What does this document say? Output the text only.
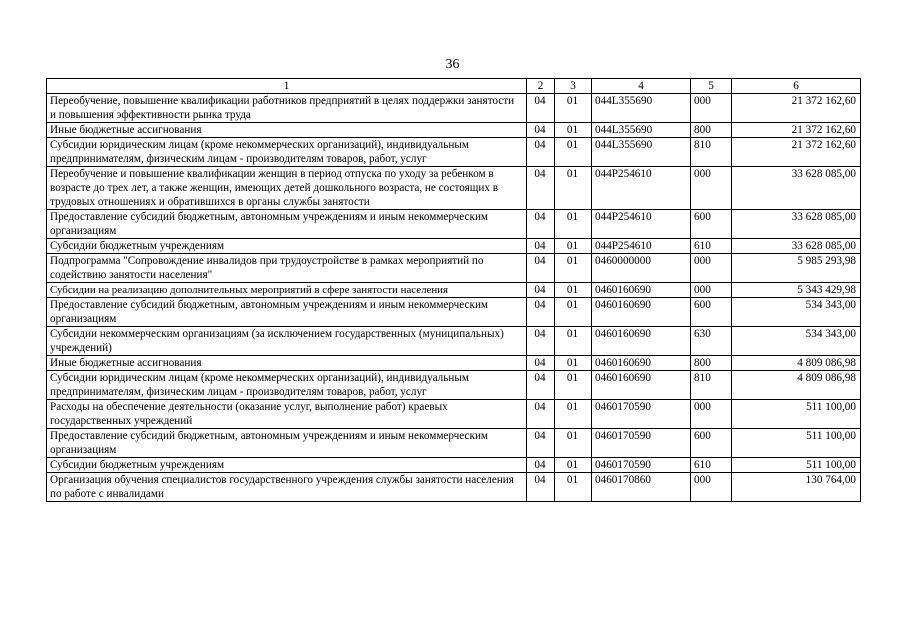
36
1	2	3	4	5	6
Переобучение, повышение квалификации работников предприятий в целях поддержки занятости и повышения эффективности рынка труда	04	01	044L355690	000	21 372 162,60
Иные бюджетные ассигнования	04	01	044L355690	800	21 372 162,60
Субсидии юридическим лицам (кроме некоммерческих организаций), индивидуальным предпринимателям, физическим лицам - производителям товаров, работ, услуг	04	01	044L355690	810	21 372 162,60
Переобучение и повышение квалификации женщин в период отпуска по уходу за ребенком в возрасте до трех лет, а также женщин, имеющих детей дошкольного возраста, не состоящих в трудовых отношениях и обратившихся в органы службы занятости	04	01	044P254610	000	33 628 085,00
Предоставление субсидий бюджетным, автономным учреждениям и иным некоммерческим организациям	04	01	044P254610	600	33 628 085,00
Субсидии бюджетным учреждениям	04	01	044P254610	610	33 628 085,00
Подпрограмма "Сопровождение инвалидов при трудоустройстве в рамках мероприятий по содействию занятости населения"	04	01	0460000000	000	5 985 293,98
Субсидии на реализацию дополнительных мероприятий в сфере занятости населения	04	01	0460160690	000	5 343 429,98
Предоставление субсидий бюджетным, автономным учреждениям и иным некоммерческим организациям	04	01	0460160690	600	534 343,00
Субсидии некоммерческим организациям (за исключением государственных (муниципальных) учреждений)	04	01	0460160690	630	534 343,00
Иные бюджетные ассигнования	04	01	0460160690	800	4 809 086,98
Субсидии юридическим лицам (кроме некоммерческих организаций), индивидуальным предпринимателям, физическим лицам - производителям товаров, работ, услуг	04	01	0460160690	810	4 809 086,98
Расходы на обеспечение деятельности (оказание услуг, выполнение работ) краевых государственных учреждений	04	01	0460170590	000	511 100,00
Предоставление субсидий бюджетным, автономным учреждениям и иным некоммерческим организациям	04	01	0460170590	600	511 100,00
Субсидии бюджетным учреждениям	04	01	0460170590	610	511 100,00
Организация обучения специалистов государственного учреждения службы занятости населения по работе с инвалидами	04	01	0460170860	000	130 764,00
